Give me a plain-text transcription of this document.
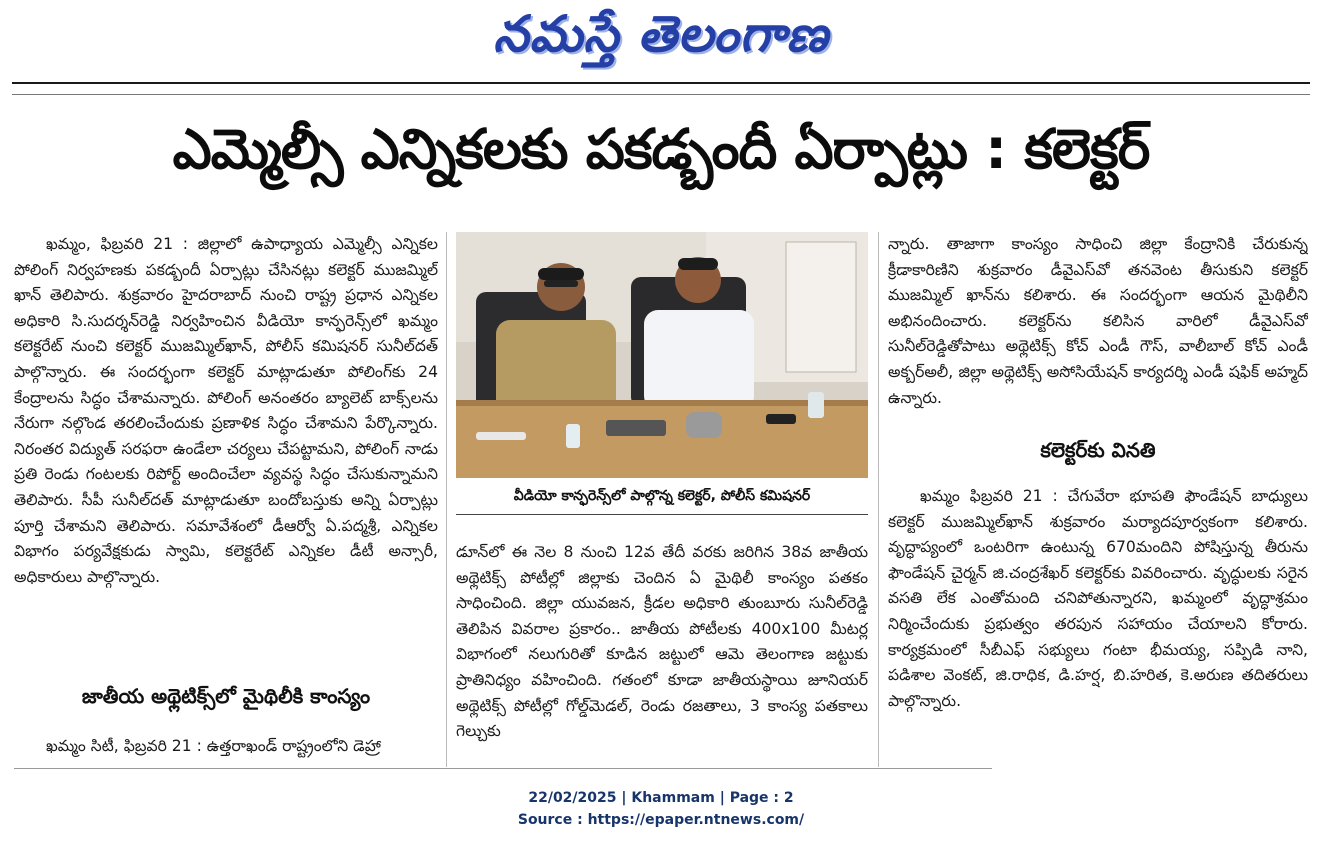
నమస్తే తెలంగాణ
ఎమ్మెల్సీ ఎన్నికలకు పకడ్బందీ ఏర్పాట్లు : కలెక్టర్

ఖమ్మం, ఫిబ్రవరి 21 : జిల్లాలో ఉపాధ్యాయ ఎమ్మెల్సీ ఎన్నికల పోలింగ్ నిర్వహణకు పకడ్బందీ ఏర్పాట్లు చేసినట్లు కలెక్టర్ ముజమ్మిల్ ఖాన్ తెలిపారు. శుక్రవారం హైదరాబాద్ నుంచి రాష్ట్ర ప్రధాన ఎన్నికల అధికారి సి.సుదర్శన్‌రెడ్డి నిర్వహించిన వీడియో కాన్ఫరెన్స్‌లో ఖమ్మం కలెక్టరేట్ నుంచి కలెక్టర్ ముజమ్మిల్‌ఖాన్, పోలీస్ కమిషనర్ సునీల్‌దత్ పాల్గొన్నారు. ఈ సందర్భంగా కలెక్టర్ మాట్లాడుతూ పోలింగ్‌కు 24 కేంద్రాలను సిద్ధం చేశామన్నారు. పోలింగ్ అనంతరం బ్యాలెట్ బాక్స్‌లను నేరుగా నల్గొండ తరలించేందుకు ప్రణాళిక సిద్ధం చేశామని పేర్కొన్నారు. నిరంతర విద్యుత్ సరఫరా ఉండేలా చర్యలు చేపట్టామని, పోలింగ్ నాడు ప్రతి రెండు గంటలకు రిపోర్ట్ అందించేలా వ్యవస్థ సిద్ధం చేసుకున్నామని తెలిపారు. సీపీ సునీల్‌దత్ మాట్లాడుతూ బందోబస్తుకు అన్ని ఏర్పాట్లు పూర్తి చేశామని తెలిపారు. సమావేశంలో డీఆర్వో ఏ.పద్మశ్రీ, ఎన్నికల విభాగం పర్యవేక్షకుడు స్వామి, కలెక్టరేట్ ఎన్నికల డీటీ అన్సారీ, అధికారులు పాల్గొన్నారు.

జాతీయ అథ్లెటిక్స్‌లో మైథిలీకి కాంస్యం

ఖమ్మం సిటీ, ఫిబ్రవరి 21 : ఉత్తరాఖండ్ రాష్ట్రంలోని డెహ్రా

వీడియో కాన్ఫరెన్స్‌లో పాల్గొన్న కలెక్టర్, పోలీస్ కమిషనర్

డూన్‌లో ఈ నెల 8 నుంచి 12వ తేదీ వరకు జరిగిన 38వ జాతీయ అథ్లెటిక్స్ పోటీల్లో జిల్లాకు చెందిన ఏ మైథిలీ కాంస్యం పతకం సాధించింది. జిల్లా యువజన, క్రీడల అధికారి తుంబూరు సునీల్‌రెడ్డి తెలిపిన వివరాల ప్రకారం.. జాతీయ పోటీలకు 400x100 మీటర్ల విభాగంలో నలుగురితో కూడిన జట్టులో ఆమె తెలంగాణ జట్టుకు ప్రాతినిధ్యం వహించింది. గతంలో కూడా జాతీయస్థాయి జూనియర్ అథ్లెటిక్స్ పోటీల్లో గోల్డ్‌మెడల్, రెండు రజతాలు, 3 కాంస్య పతకాలు గెల్చుకు

న్నారు. తాజాగా కాంస్యం సాధించి జిల్లా కేంద్రానికి చేరుకున్న క్రీడాకారిణిని శుక్రవారం డీవైఎస్‌వో తనవెంట తీసుకుని కలెక్టర్ ముజమ్మిల్ ఖాన్‌ను కలిశారు. ఈ సందర్భంగా ఆయన మైథిలీని అభినందించారు. కలెక్టర్‌ను కలిసిన వారిలో డీవైఎస్‌వో సునీల్‌రెడ్డితోపాటు అథ్లెటిక్స్ కోచ్ ఎండీ గౌస్, వాలీబాల్ కోచ్ ఎండీ అక్బర్‌అలీ, జిల్లా అథ్లెటిక్స్ అసోసియేషన్ కార్యదర్శి ఎండీ షఫిక్ అహ్మద్ ఉన్నారు.

కలెక్టర్‌కు వినతి

ఖమ్మం ఫిబ్రవరి 21 : చేగువేరా భూపతి ఫౌండేషన్ బాధ్యులు కలెక్టర్ ముజమ్మిల్‌ఖాన్ శుక్రవారం మర్యాదపూర్వకంగా కలిశారు. వృద్ధాప్యంలో ఒంటరిగా ఉంటున్న 670మందిని పోషిస్తున్న తీరును ఫౌండేషన్ చైర్మన్ జి.చంద్రశేఖర్ కలెక్టర్‌కు వివరించారు. వృద్ధులకు సరైన వసతి లేక ఎంతోమంది చనిపోతున్నారని, ఖమ్మంలో వృద్ధాశ్రమం నిర్మించేందుకు ప్రభుత్వం తరపున సహాయం చేయాలని కోరారు. కార్యక్రమంలో సీబీఎఫ్ సభ్యులు గంటా భీమయ్య, సప్పిడి నాని, పడిశాల వెంకట్, జి.రాధిక, డి.హర్ష, బి.హరిత, కె.అరుణ తదితరులు పాల్గొన్నారు.

22/02/2025 | Khammam | Page : 2
Source : https://epaper.ntnews.com/
